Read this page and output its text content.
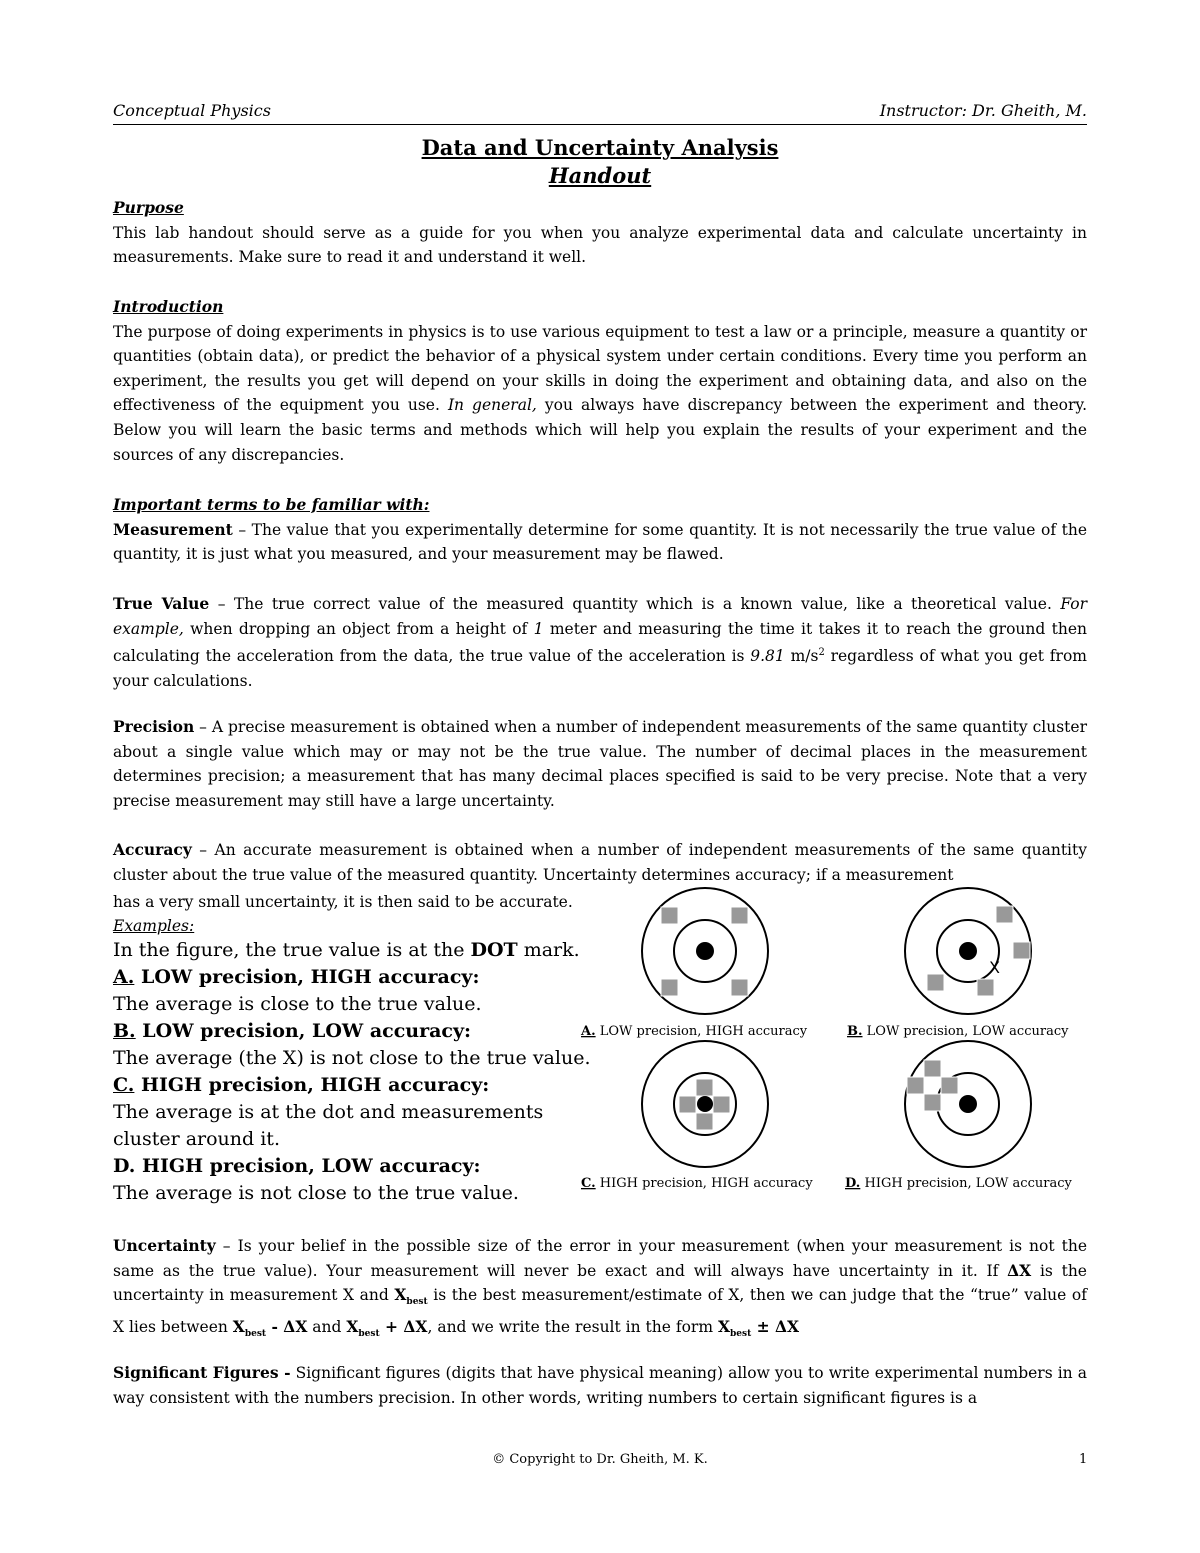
Conceptual Physics	Instructor: Dr. Gheith, M.
Data and Uncertainty Analysis
Handout
Purpose
This lab handout should serve as a guide for you when you analyze experimental data and calculate uncertainty in measurements. Make sure to read it and understand it well.
Introduction
The purpose of doing experiments in physics is to use various equipment to test a law or a principle, measure a quantity or quantities (obtain data), or predict the behavior of a physical system under certain conditions. Every time you perform an experiment, the results you get will depend on your skills in doing the experiment and obtaining data, and also on the effectiveness of the equipment you use. In general, you always have discrepancy between the experiment and theory. Below you will learn the basic terms and methods which will help you explain the results of your experiment and the sources of any discrepancies.
Important terms to be familiar with:
Measurement – The value that you experimentally determine for some quantity. It is not necessarily the true value of the quantity, it is just what you measured, and your measurement may be flawed.
True Value – The true correct value of the measured quantity which is a known value, like a theoretical value. For example, when dropping an object from a height of 1 meter and measuring the time it takes it to reach the ground then calculating the acceleration from the data, the true value of the acceleration is 9.81 $m/s^2$ regardless of what you get from your calculations.
Precision – A precise measurement is obtained when a number of independent measurements of the same quantity cluster about a single value which may or may not be the true value. The number of decimal places in the measurement determines precision; a measurement that has many decimal places specified is said to be very precise. Note that a very precise measurement may still have a large uncertainty.
Accuracy – An accurate measurement is obtained when a number of independent measurements of the same quantity cluster about the true value of the measured quantity. Uncertainty determines accuracy; if a measurement
has a very small uncertainty, it is then said to be accurate.
Examples:
In the figure, the true value is at the DOT mark.
A. LOW precision, HIGH accuracy:
The average is close to the true value.
B. LOW precision, LOW accuracy:
The average (the X) is not close to the true value.
C. HIGH precision, HIGH accuracy:
The average is at the dot and measurements cluster around it.
D. HIGH precision, LOW accuracy:
The average is not close to the true value.
A. LOW precision, HIGH accuracy
X
B. LOW precision, LOW accuracy
C. HIGH precision, HIGH accuracy D. HIGH precision, LOW accuracy
Uncertainty – Is your belief in the possible size of the error in your measurement (when your measurement is not the same as the true value). Your measurement will never be exact and will always have uncertainty in it. If ΔX is the uncertainty in measurement X and $X_{best}$ is the best measurement/estimate of X, then we can judge that the “true” value of X lies between $X_{best}$ - ΔX and $X_{best} + \Delta X$, and we write the result in the form $X_{best} \pm \Delta X$
Significant Figures - Significant figures (digits that have physical meaning) allow you to write experimental numbers in a way consistent with the numbers precision. In other words, writing numbers to certain significant figures is a
© Copyright to Dr. Gheith, M. K.	1
